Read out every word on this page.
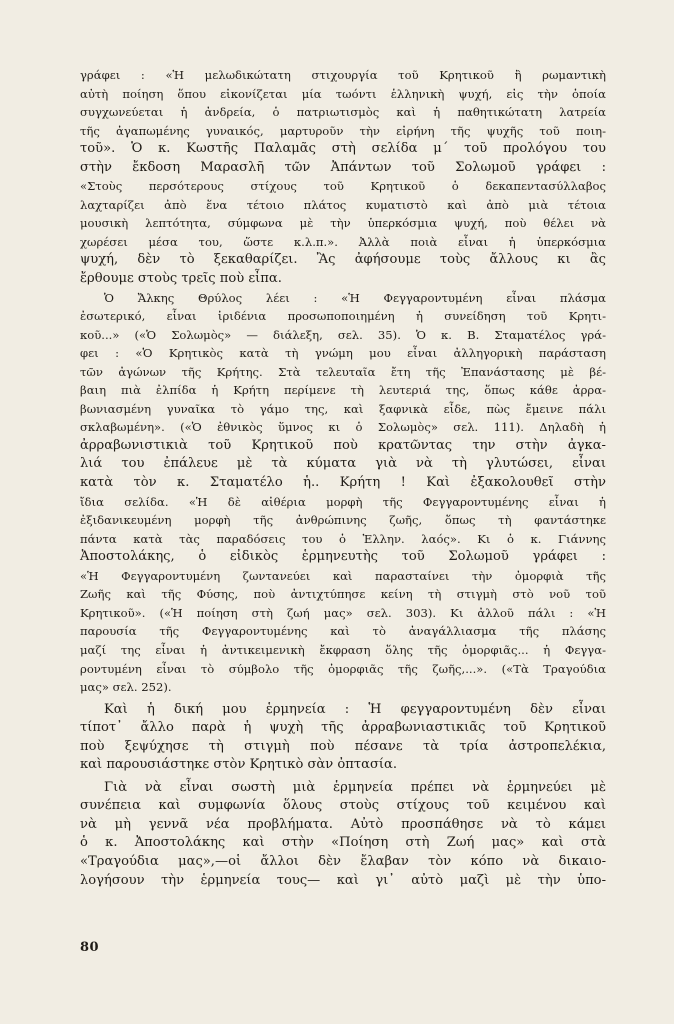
γράφει : «Ἡ μελωδικώτατη στιχουργία τοῦ Κρητικοῦ ἢ ρωμαντικὴ
αὐτὴ ποίηση ὅπου εἰκονίζεται μία τωόντι ἑλληνικὴ ψυχή, εἰς τὴν ὁποία
συγχωνεύεται ἡ ἀνδρεία, ὁ πατριωτισμὸς καὶ ἡ παθητικώτατη λατρεία
τῆς ἀγαπωμένης γυναικός, μαρτυροῦν τὴν εἰρήνη τῆς ψυχῆς τοῦ ποιη-
τοῦ». Ὁ κ. Κωστῆς Παλαμᾶς στὴ σελίδα μ΄ τοῦ προλόγου του
στὴν ἔκδοση Μαρασλῆ τῶν Ἀπάντων τοῦ Σολωμοῦ γράφει :
«Στοὺς περσότερους στίχους τοῦ Κρητικοῦ ὁ δεκαπεντασύλλαβος
λαχταρίζει ἀπὸ ἕνα τέτοιο πλάτος κυματιστὸ καὶ ἀπὸ μιὰ τέτοια
μουσικὴ λεπτότητα, σύμφωνα μὲ τὴν ὑπερκόσμια ψυχή, ποὺ θέλει νὰ
χωρέσει μέσα του, ὥστε κ.λ.π.». Ἀλλὰ ποιὰ εἶναι ἡ ὑπερκόσμια
ψυχή, δὲν τὸ ξεκαθαρίζει. Ἂς ἀφήσουμε τοὺς ἄλλους κι ἂς
ἔρθουμε στοὺς τρεῖς ποὺ εἶπα.
Ὁ Ἄλκης Θρύλος λέει : «Ἡ Φεγγαροντυμένη εἶναι πλάσμα
ἐσωτερικό, εἶναι ἰριδένια προσωποποιημένη ἡ συνείδηση τοῦ Κρητι-
κοῦ...» («Ὁ Σολωμὸς» — διάλεξη, σελ. 35). Ὁ κ. Β. Σταματέλος γρά-
φει : «Ὁ Κρητικὸς κατὰ τὴ γνώμη μου εἶναι ἀλληγορικὴ παράσταση
τῶν ἀγώνων τῆς Κρήτης. Στὰ τελευταῖα ἔτη τῆς Ἐπανάστασης μὲ βέ-
βαιη πιὰ ἐλπίδα ἡ Κρήτη περίμενε τὴ λευτεριά της, ὅπως κάθε ἀρρα-
βωνιασμένη γυναῖκα τὸ γάμο της, καὶ ξαφνικὰ εἶδε, πὼς ἔμεινε πάλι
σκλαβωμένη». («Ὁ ἐθνικὸς ὕμνος κι ὁ Σολωμὸς» σελ. 111). Δηλαδὴ ἡ
ἀρραβωνιστικιὰ τοῦ Κρητικοῦ ποὺ κρατῶντας την στὴν ἀγκα-
λιά του ἐπάλευε μὲ τὰ κύματα γιὰ νὰ τὴ γλυτώσει, εἶναι
κατὰ τὸν κ. Σταματέλο ἡ.. Κρήτη ! Καὶ ἐξακολουθεῖ στὴν
ἴδια σελίδα. «Ἡ δὲ αἰθέρια μορφὴ τῆς Φεγγαροντυμένης εἶναι ἡ
ἐξιδανικευμένη μορφὴ τῆς ἀνθρώπινης ζωῆς, ὅπως τὴ φαντάστηκε
πάντα κατὰ τὰς παραδόσεις του ὁ Ἑλλην. λαός». Κι ὁ κ. Γιάννης
Ἀποστολάκης, ὁ εἰδικὸς ἑρμηνευτὴς τοῦ Σολωμοῦ γράφει :
«Ἡ Φεγγαροντυμένη ζωντανεύει καὶ παρασταίνει τὴν ὀμορφιὰ τῆς
Ζωῆς καὶ τῆς Φύσης, ποὺ ἀντιχτύπησε κείνη τὴ στιγμὴ στὸ νοῦ τοῦ
Κρητικοῦ». («Ἡ ποίηση στὴ ζωή μας» σελ. 303). Κι ἀλλοῦ πάλι : «Ἡ
παρουσία τῆς Φεγγαροντυμένης καὶ τὸ ἀναγάλλιασμα τῆς πλάσης
μαζί της εἶναι ἡ ἀντικειμενικὴ ἔκφραση ὅλης τῆς ὀμορφιᾶς... ἡ Φεγγα-
ροντυμένη εἶναι τὸ σύμβολο τῆς ὀμορφιᾶς τῆς ζωῆς,...». («Τὰ Τραγούδια
μας» σελ. 252).
Καὶ ἡ δική μου ἑρμηνεία : Ἡ φεγγαροντυμένη δὲν εἶναι
τίποτ᾿ ἄλλο παρὰ ἡ ψυχὴ τῆς ἀρραβωνιαστικιᾶς τοῦ Κρητικοῦ
ποὺ ξεψύχησε τὴ στιγμὴ ποὺ πέσανε τὰ τρία ἀστροπελέκια,
καὶ παρουσιάστηκε στὸν Κρητικὸ σὰν ὀπτασία.
Γιὰ νὰ εἶναι σωστὴ μιὰ ἑρμηνεία πρέπει νὰ ἑρμηνεύει μὲ
συνέπεια καὶ συμφωνία ὅλους στοὺς στίχους τοῦ κειμένου καὶ
νὰ μὴ γεννᾶ νέα προβλήματα. Αὐτὸ προσπάθησε νὰ τὸ κάμει
ὁ κ. Ἀποστολάκης καὶ στὴν «Ποίηση στὴ Ζωή μας» καὶ στὰ
«Τραγούδια μας»,—οἱ ἄλλοι δὲν ἔλαβαν τὸν κόπο νὰ δικαιο-
λογήσουν τὴν ἑρμηνεία τους— καὶ γι᾿ αὐτὸ μαζὶ μὲ τὴν ὑπο-
80
